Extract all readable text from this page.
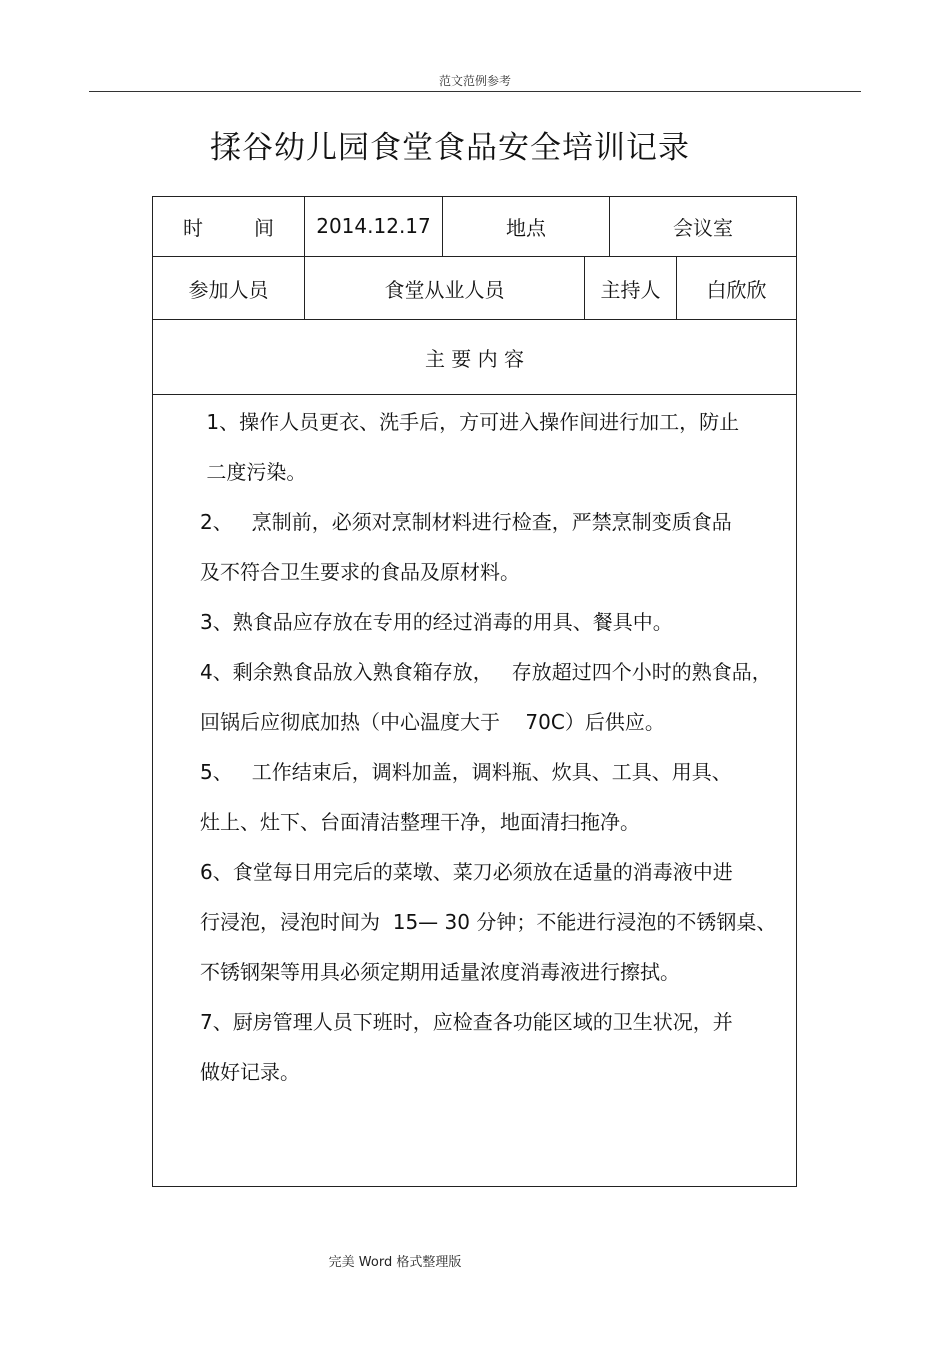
范文范例参考
揉谷幼儿园食堂食品安全培训记录
时	间	2014.12.17	地点	会议室
参加人员	食堂从业人员	主持人	白欣欣
主 要 内 容
1、操作人员更衣、洗手后，方可进入操作间进行加工，防止
二度污染。
2、   烹制前，必须对烹制材料进行检查，严禁烹制变质食品
及不符合卫生要求的食品及原材料。
3、熟食品应存放在专用的经过消毒的用具、餐具中。
4、剩余熟食品放入熟食箱存放，   存放超过四个小时的熟食品，
回锅后应彻底加热（中心温度大于    70C）后供应。
5、   工作结束后，调料加盖，调料瓶、炊具、工具、用具、
灶上、灶下、台面清洁整理干净，地面清扫拖净。
6、食堂每日用完后的菜墩、菜刀必须放在适量的消毒液中进
行浸泡，浸泡时间为  15— 30 分钟；不能进行浸泡的不锈钢桌、
不锈钢架等用具必须定期用适量浓度消毒液进行擦拭。
7、厨房管理人员下班时，应检查各功能区域的卫生状况，并
做好记录。
完美 Word 格式整理版
